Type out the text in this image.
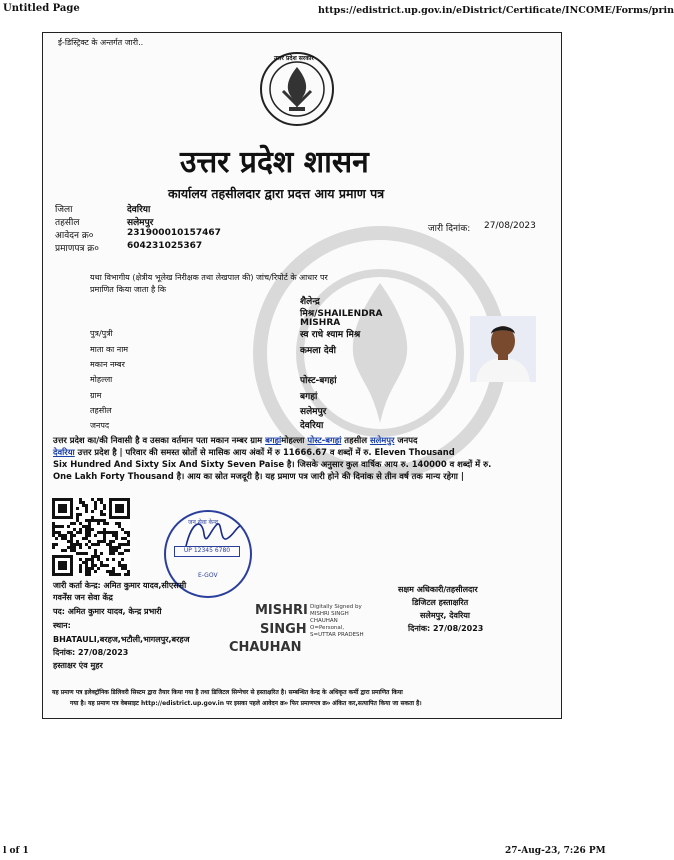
Untitled Page	https://edistrict.up.gov.in/eDistrict/Certificate/INCOME/Forms/prin
ई-डिस्ट्रिक्ट के अन्तर्गत जारी..
उत्तर प्रदेश सरकार
उत्तर प्रदेश शासन
कार्यालय तहसीलदार द्वारा प्रदत्त आय प्रमाण पत्र
जिला	देवरिया
तहसील	सलेमपुर
आवेदन क्र०	231900010157467
प्रमाणपत्र क्र०	604231025367
जारी दिनांक: 27/08/2023
यथा विभागीय (क्षेत्रीय भूलेख निरीक्षक तथा लेखपाल की) जांच/रिपोर्ट के आधार पर
प्रमाणित किया जाता है कि
शैलेन्द्र
मिश्र/SHAILENDRA
MISHRA
पुत्र/पुत्री	स्व राधे श्याम मिश्र
माता का नाम	कमला देवी
मकान नम्बर
मोहल्ला	पोस्ट-बगहां
ग्राम	बगहां
तहसील	सलेमपुर
जनपद	देवरिया
उत्तर प्रदेश का/की निवासी है व उसका वर्तमान पता मकान नम्बर ग्राम बगहांमोहल्ला पोस्ट-बगहां तहसील सलेमपुर जनपद
देवरिया उत्तर प्रदेश है | परिवार की समस्त स्रोतों से मासिक आय अंकों में रु 11666.67 व शब्दों में रु. Eleven Thousand
Six Hundred And Sixty Six And Sixty Seven Paise है। जिसके अनुसार कुल वार्षिक आय रु. 140000 व शब्दों में रु.
One Lakh Forty Thousand है। आय का स्रोत मजदूरी है। यह प्रमाण पत्र जारी होने की दिनांक से तीन वर्ष तक मान्य रहेगा |
जन सेवा केन्द्र
UP 12345 6780
E-GOV
जारी कर्ता केन्द्र: अमित कुमार यादव,सीएससी
गवर्नेंस जन सेवा केंद्र
पद: अमित कुमार यादव, केन्द्र प्रभारी
स्थान:
BHATAULI,बरहज,भटौली,भागलपुर,बरहज
दिनांक: 27/08/2023
हस्ताक्षर एंव मुहर
MISHRI
SINGH
CHAUHAN
Digitally Signed by
MISHRI SINGH
CHAUHAN
O=Personal,
S=UTTAR PRADESH
सक्षम अधिकारी/तहसीलदार
डिजिटल हस्ताक्षरित
सलेमपुर, देवरिया
दिनांक: 27/08/2023
यह प्रमाण पत्र इलेक्ट्रॉनिक डिलिवरी सिस्टम द्वारा तैयार किया गया है तथा डिजिटल सिग्नेचर से हस्ताक्षरित है। सम्बन्धित केन्द्र के अधिकृत कर्मी द्वारा प्रमाणित किया
गया है। यह प्रमाण पत्र वेबसाइट http://edistrict.up.gov.in पर इसका पहले आवेदन क्र० फिर प्रमाणपत्र क्र० अंकित कर,सत्यापित किया जा सकता है।
l of 1	27-Aug-23, 7:26 PM
